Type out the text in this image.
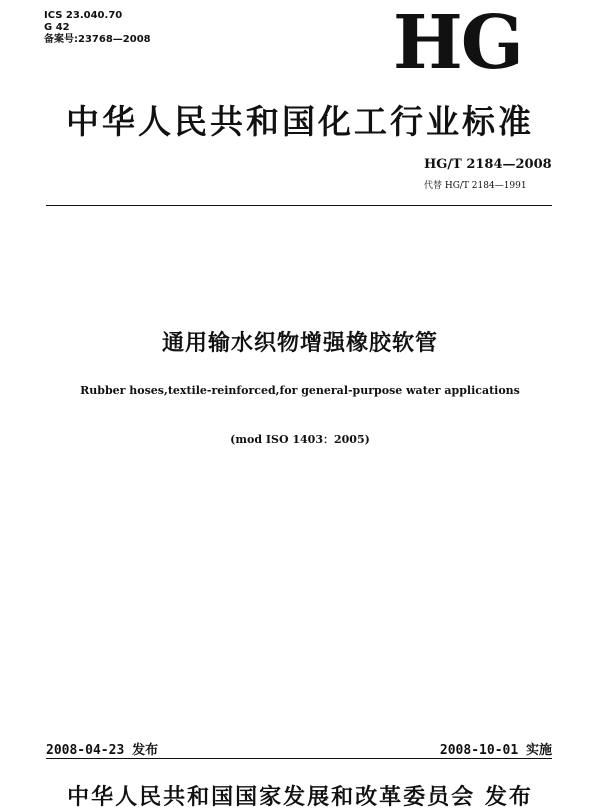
ICS 23.040.70
G 42
备案号:23768—2008	HG
中华人民共和国化工行业标准
HG/T 2184—2008
代替 HG/T 2184—1991
通用输水织物增强橡胶软管
Rubber hoses,textile-reinforced,for general-purpose water applications
(mod ISO 1403：2005)
2008-04-23 发布	2008-10-01 实施
中华人民共和国国家发展和改革委员会 发布
